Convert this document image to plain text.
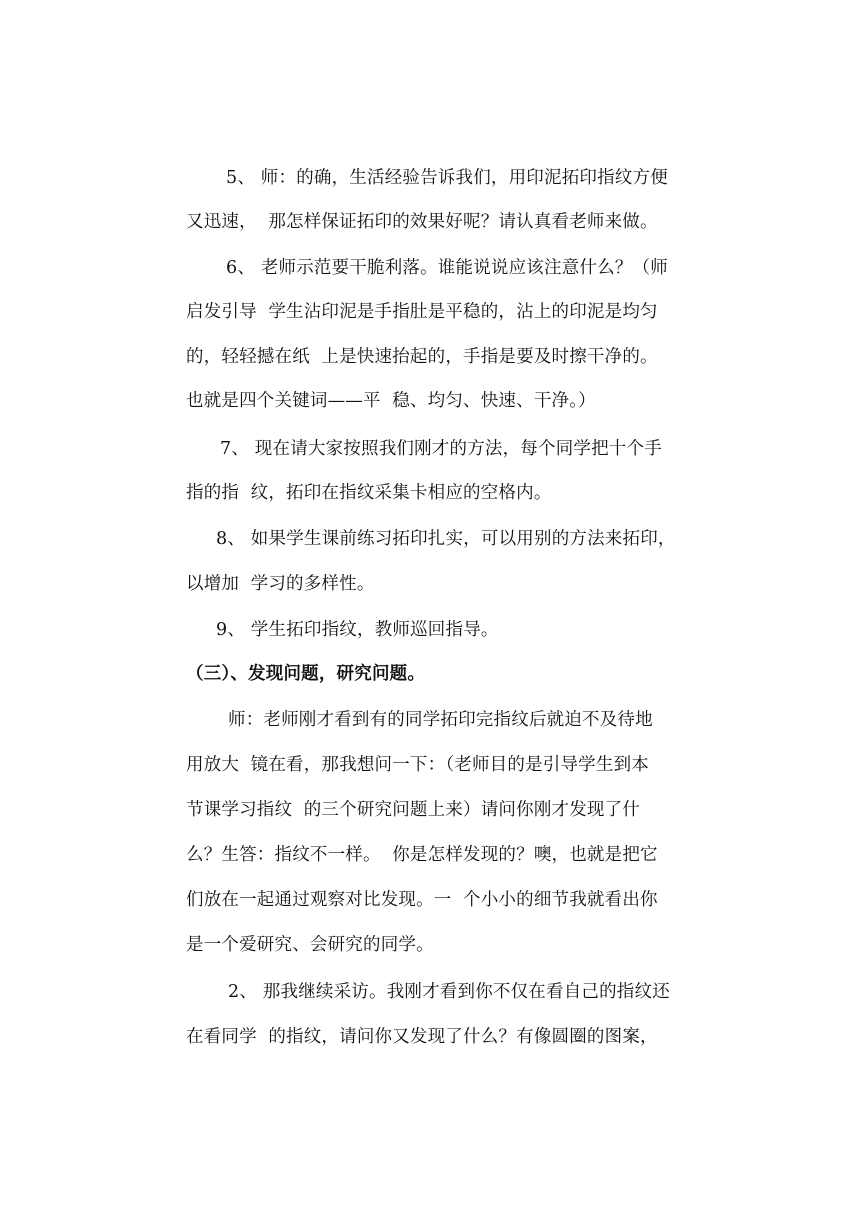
5、 师：的确，生活经验告诉我们，用印泥拓印指纹方便
又迅速，  那怎样保证拓印的效果好呢？请认真看老师来做。
6、 老师示范要干脆利落。谁能说说应该注意什么？（师
启发引导  学生沾印泥是手指肚是平稳的，沾上的印泥是均匀
的，轻轻撼在纸  上是快速抬起的，手指是要及时擦干净的。
也就是四个关键词——平  稳、均匀、快速、干净。）
7、 现在请大家按照我们刚才的方法，每个同学把十个手
指的指  纹，拓印在指纹采集卡相应的空格内。
8、 如果学生课前练习拓印扎实，可以用别的方法来拓印，
以增加  学习的多样性。
9、 学生拓印指纹，教师巡回指导。
（三）、发现问题，研究问题。
师：老师刚才看到有的同学拓印完指纹后就迫不及待地
用放大  镜在看，那我想问一下：（老师目的是引导学生到本
节课学习指纹  的三个研究问题上来）请问你刚才发现了什
么？生答：指纹不一样。  你是怎样发现的？噢，也就是把它
们放在一起通过观察对比发现。一  个小小的细节我就看出你
是一个爱研究、会研究的同学。
2、 那我继续采访。我刚才看到你不仅在看自己的指纹还
在看同学  的指纹，请问你又发现了什么？有像圆圈的图案，
